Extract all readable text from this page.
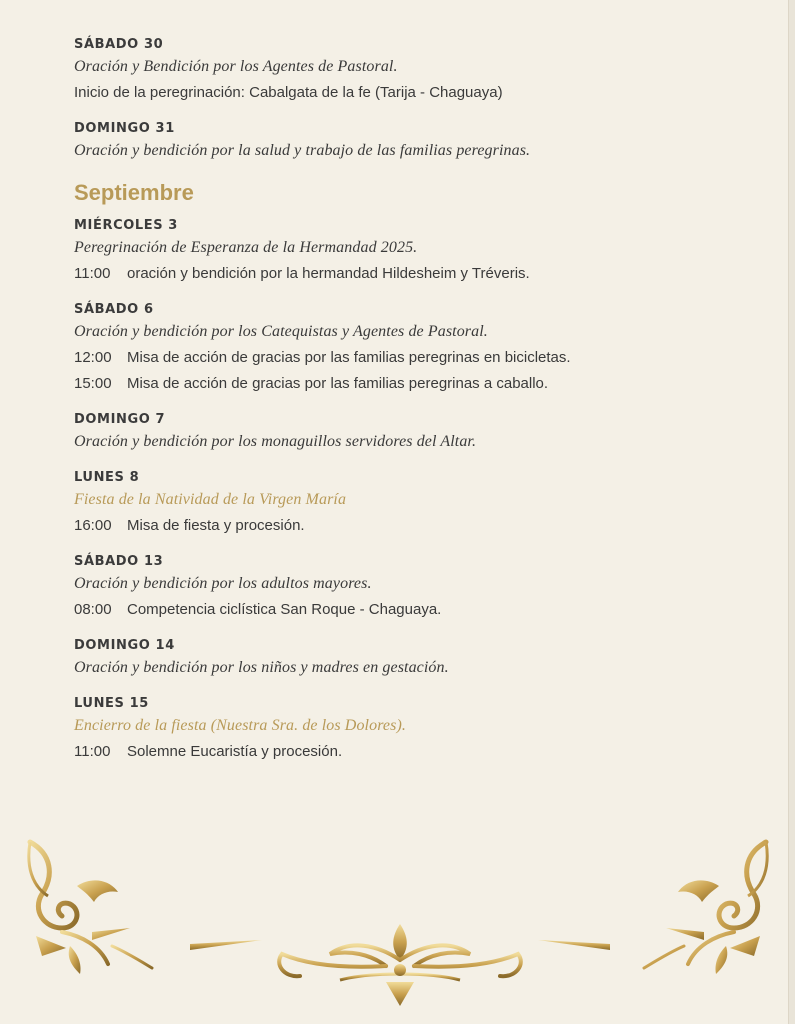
SÁBADO 30

Oración y Bendición por los Agentes de Pastoral.

Inicio de la peregrinación: Cabalgata de la fe (Tarija - Chaguaya)

DOMINGO 31

Oración y bendición por la salud y trabajo de las familias peregrinas.

Septiembre

MIÉRCOLES 3

Peregrinación de Esperanza de la Hermandad 2025.

11:00 oración y bendición por la hermandad Hildesheim y Tréveris.

SÁBADO 6

Oración y bendición por los Catequistas y Agentes de Pastoral.

12:00 Misa de acción de gracias por las familias peregrinas en bicicletas.

15:00 Misa de acción de gracias por las familias peregrinas a caballo.

DOMINGO 7

Oración y bendición por los monaguillos servidores del Altar.

LUNES 8

Fiesta de la Natividad de la Virgen María

16:00 Misa de fiesta y procesión.

SÁBADO 13

Oración y bendición por los adultos mayores.

08:00 Competencia ciclística San Roque - Chaguaya.

DOMINGO 14

Oración y bendición por los niños y madres en gestación.

LUNES 15

Encierro de la fiesta (Nuestra Sra. de los Dolores).

11:00 Solemne Eucaristía y procesión.
